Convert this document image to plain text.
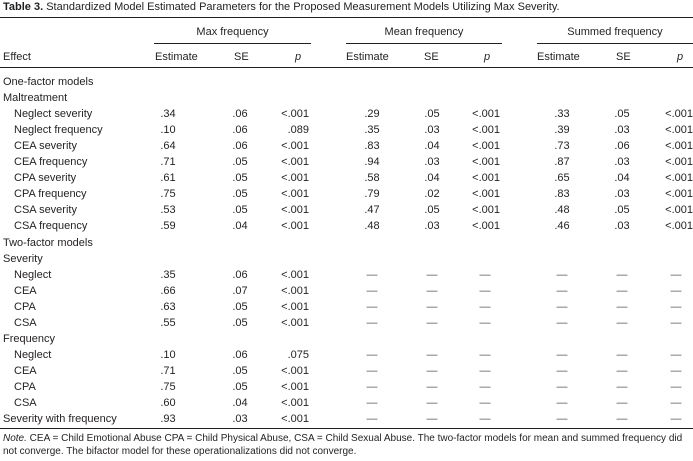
Table 3. Standardized Model Estimated Parameters for the Proposed Measurement Models Utilizing Max Severity.
Max frequency	Mean frequency	Summed frequency
Effect	Estimate	SE	p	Estimate	SE	p	Estimate	SE	p
One-factor models
Maltreatment
Neglect severity	.34	.06	<.001	.29	.05	<.001	.33	.05	<.001
Neglect frequency	.10	.06	.089	.35	.03	<.001	.39	.03	<.001
CEA severity	.64	.06	<.001	.83	.04	<.001	.73	.06	<.001
CEA frequency	.71	.05	<.001	.94	.03	<.001	.87	.03	<.001
CPA severity	.61	.05	<.001	.58	.04	<.001	.65	.04	<.001
CPA frequency	.75	.05	<.001	.79	.02	<.001	.83	.03	<.001
CSA severity	.53	.05	<.001	.47	.05	<.001	.48	.05	<.001
CSA frequency	.59	.04	<.001	.48	.03	<.001	.46	.03	<.001
Two-factor models
Severity
Neglect	.35	.06	<.001	—	—	—	—	—	—
CEA	.66	.07	<.001	—	—	—	—	—	—
CPA	.63	.05	<.001	—	—	—	—	—	—
CSA	.55	.05	<.001	—	—	—	—	—	—
Frequency
Neglect	.10	.06	.075	—	—	—	—	—	—
CEA	.71	.05	<.001	—	—	—	—	—	—
CPA	.75	.05	<.001	—	—	—	—	—	—
CSA	.60	.04	<.001	—	—	—	—	—	—
Severity with frequency	.93	.03	<.001	—	—	—	—	—	—
Note. CEA = Child Emotional Abuse CPA = Child Physical Abuse, CSA = Child Sexual Abuse. The two-factor models for mean and summed frequency did not converge. The bifactor model for these operationalizations did not converge.
